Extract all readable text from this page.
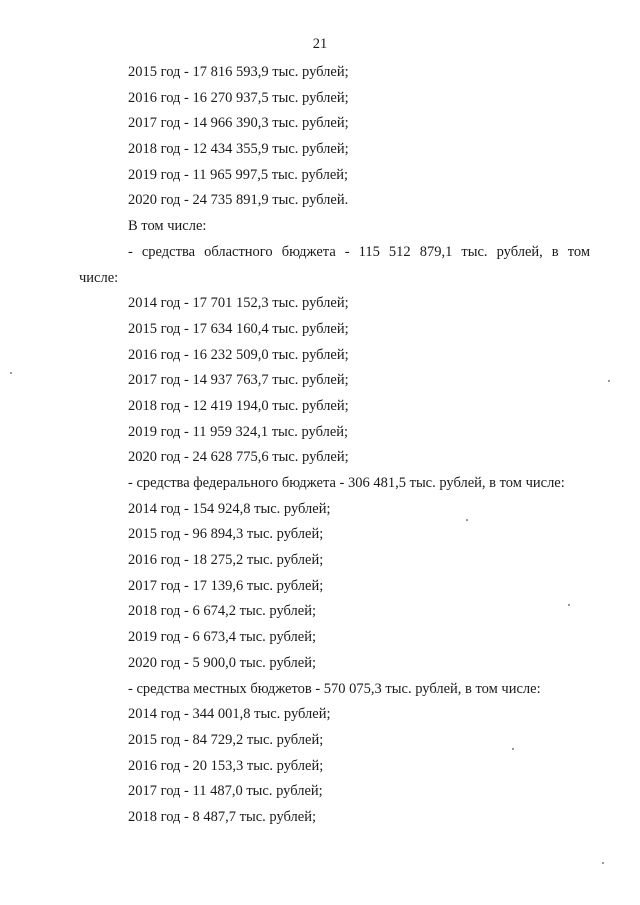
21
2015 год - 17 816 593,9 тыс. рублей;
2016 год - 16 270 937,5 тыс. рублей;
2017 год - 14 966 390,3 тыс. рублей;
2018 год - 12 434 355,9 тыс. рублей;
2019 год - 11 965 997,5 тыс. рублей;
2020 год - 24 735 891,9 тыс. рублей.
В том числе:
- средства областного бюджета - 115 512 879,1 тыс. рублей, в том
числе:
2014 год - 17 701 152,3 тыс. рублей;
2015 год - 17 634 160,4 тыс. рублей;
2016 год - 16 232 509,0 тыс. рублей;
2017 год - 14 937 763,7 тыс. рублей;
2018 год - 12 419 194,0 тыс. рублей;
2019 год - 11 959 324,1 тыс. рублей;
2020 год - 24 628 775,6 тыс. рублей;
- средства федерального бюджета - 306 481,5 тыс. рублей, в том числе:
2014 год - 154 924,8 тыс. рублей;
2015 год - 96 894,3 тыс. рублей;
2016 год - 18 275,2 тыс. рублей;
2017 год - 17 139,6 тыс. рублей;
2018 год - 6 674,2 тыс. рублей;
2019 год - 6 673,4 тыс. рублей;
2020 год - 5 900,0 тыс. рублей;
- средства местных бюджетов - 570 075,3 тыс. рублей, в том числе:
2014 год - 344 001,8 тыс. рублей;
2015 год - 84 729,2 тыс. рублей;
2016 год - 20 153,3 тыс. рублей;
2017 год - 11 487,0 тыс. рублей;
2018 год - 8 487,7 тыс. рублей;
